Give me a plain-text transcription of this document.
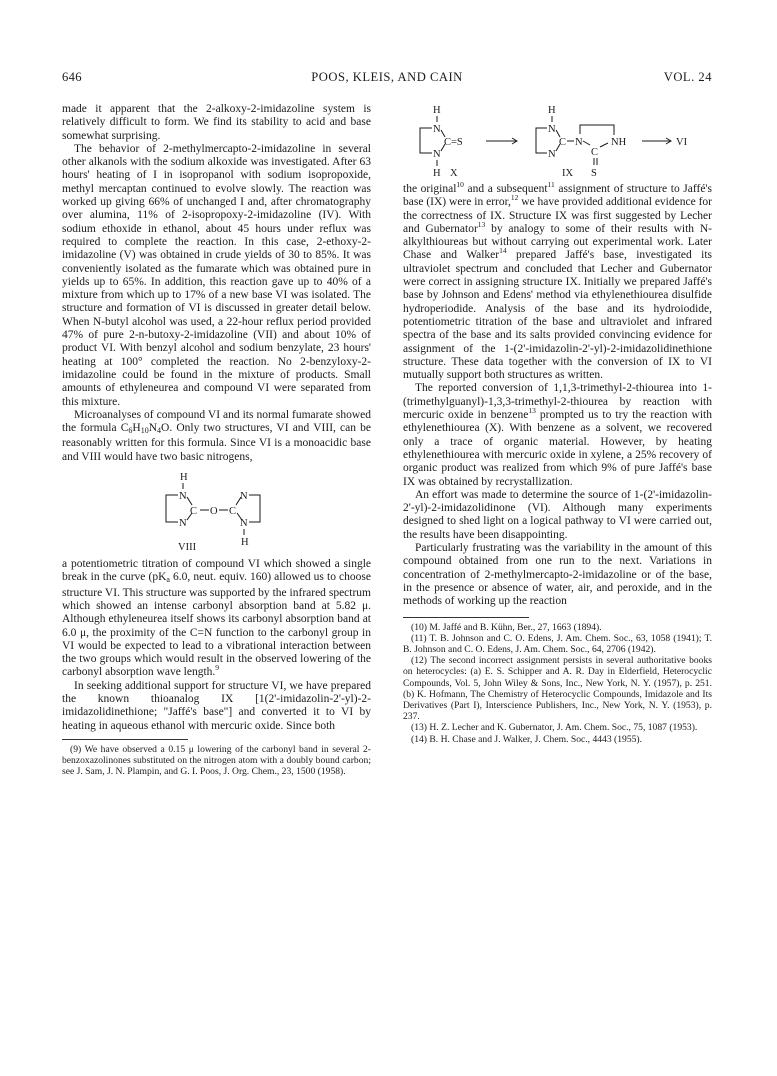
646	POOS, KLEIS, AND CAIN	VOL. 24

made it apparent that the 2-alkoxy-2-imidazoline system is relatively difficult to form. We find its stability to acid and base somewhat surprising.

The behavior of 2-methylmercapto-2-imidazoline in several other alkanols with the sodium alkoxide was investigated. After 63 hours' heating of I in isopropanol with sodium isopropoxide, methyl mercaptan continued to evolve slowly. The reaction was worked up giving 66% of unchanged I and, after chromatography over alumina, 11% of 2-isopropoxy-2-imidazoline (IV). With sodium ethoxide in ethanol, about 45 hours under reflux was required to complete the reaction. In this case, 2-ethoxy-2-imidazoline (V) was obtained in crude yields of 30 to 85%. It was conveniently isolated as the fumarate which was obtained pure in yields up to 65%. In addition, this reaction gave up to 40% of a mixture from which up to 17% of a new base VI was isolated. The structure and formation of VI is discussed in greater detail below. When N-butyl alcohol was used, a 22-hour reflux period provided 47% of pure 2-n-butoxy-2-imidazoline (VII) and about 10% of product VI. With benzyl alcohol and sodium benzylate, 23 hours' heating at 100° completed the reaction. No 2-benzyloxy-2-imidazoline could be found in the mixture of products. Small amounts of ethyleneurea and compound VI were separated from this mixture.

Microanalyses of compound VI and its normal fumarate showed the formula $C_6H_{10}N_4O$. Only two structures, VI and VIII, can be reasonably written for this formula. Since VI is a monoacidic base and VIII would have two basic nitrogens,

H
N
N
C O C
N
N
H
VIII

a potentiometric titration of compound VI which showed a single break in the curve ($pK_a$ 6.0, neut. equiv. 160) allowed us to choose structure VI. This structure was supported by the infrared spectrum which showed an intense carbonyl absorption band at 5.82 μ. Although ethyleneurea itself shows its carbonyl absorption band at 6.0 μ, the proximity of the C=N function to the carbonyl group in VI would be expected to lead to a vibrational interaction between the two groups which would result in the observed lowering of the carbonyl absorption wave length.$^9$

In seeking additional support for structure VI, we have prepared the known thioanalog IX [1(2'-imidazolin-2'-yl)-2-imidazolidinethione; "Jaffé's base"] and converted it to VI by heating in aqueous ethanol with mercuric oxide. Since both

(9) We have observed a 0.15 μ lowering of the carbonyl band in several 2-benzoxazolinones substituted on the nitrogen atom with a doubly bound carbon; see J. Sam, J. N. Plampin, and G. I. Poos, J. Org. Chem., 23, 1500 (1958).

H
N
N
C=S
H X
H
N
N
C N	NH
C
S
IX
VI

the original$^{10}$ and a subsequent$^{11}$ assignment of structure to Jaffé's base (IX) were in error,$^{12}$ we have provided additional evidence for the correctness of IX. Structure IX was first suggested by Lecher and Gubernator$^{13}$ by analogy to some of their results with N-alkylthioureas but without carrying out experimental work. Later Chase and Walker$^{14}$ prepared Jaffé's base, investigated its ultraviolet spectrum and concluded that Lecher and Gubernator were correct in assigning structure IX. Initially we prepared Jaffé's base by Johnson and Edens' method via ethylenethiourea disulfide hydroperiodide. Analysis of the base and its hydroiodide, potentiometric titration of the base and ultraviolet and infrared spectra of the base and its salts provided convincing evidence for assignment of the 1-(2'-imidazolin-2'-yl)-2-imidazolidinethione structure. These data together with the conversion of IX to VI mutually support both structures as written.

The reported conversion of 1,1,3-trimethyl-2-thiourea into 1-(trimethylguanyl)-1,3,3-trimethyl-2-thiourea by reaction with mercuric oxide in benzene$^{13}$ prompted us to try the reaction with ethylenethiourea (X). With benzene as a solvent, we recovered only a trace of organic material. However, by heating ethylenethiourea with mercuric oxide in xylene, a 25% recovery of organic product was realized from which 9% of pure Jaffé's base IX was obtained by recrystallization.

An effort was made to determine the source of 1-(2'-imidazolin-2'-yl)-2-imidazolidinone (VI). Although many experiments designed to shed light on a logical pathway to VI were carried out, the results have been disappointing.

Particularly frustrating was the variability in the amount of this compound obtained from one run to the next. Variations in concentration of 2-methylmercapto-2-imidazoline or of the base, in the presence or absence of water, air, and peroxide, and in the methods of working up the reaction

(10) M. Jaffé and B. Kühn, Ber., 27, 1663 (1894).

(11) T. B. Johnson and C. O. Edens, J. Am. Chem. Soc., 63, 1058 (1941); T. B. Johnson and C. O. Edens, J. Am. Chem. Soc., 64, 2706 (1942).

(12) The second incorrect assignment persists in several authoritative books on heterocycles: (a) E. S. Schipper and A. R. Day in Elderfield, Heterocyclic Compounds, Vol. 5, John Wiley & Sons, Inc., New York, N. Y. (1957), p. 251. (b) K. Hofmann, The Chemistry of Heterocyclic Compounds, Imidazole and Its Derivatives (Part I), Interscience Publishers, Inc., New York, N. Y. (1953), p. 237.

(13) H. Z. Lecher and K. Gubernator, J. Am. Chem. Soc., 75, 1087 (1953).

(14) B. H. Chase and J. Walker, J. Chem. Soc., 4443 (1955).
